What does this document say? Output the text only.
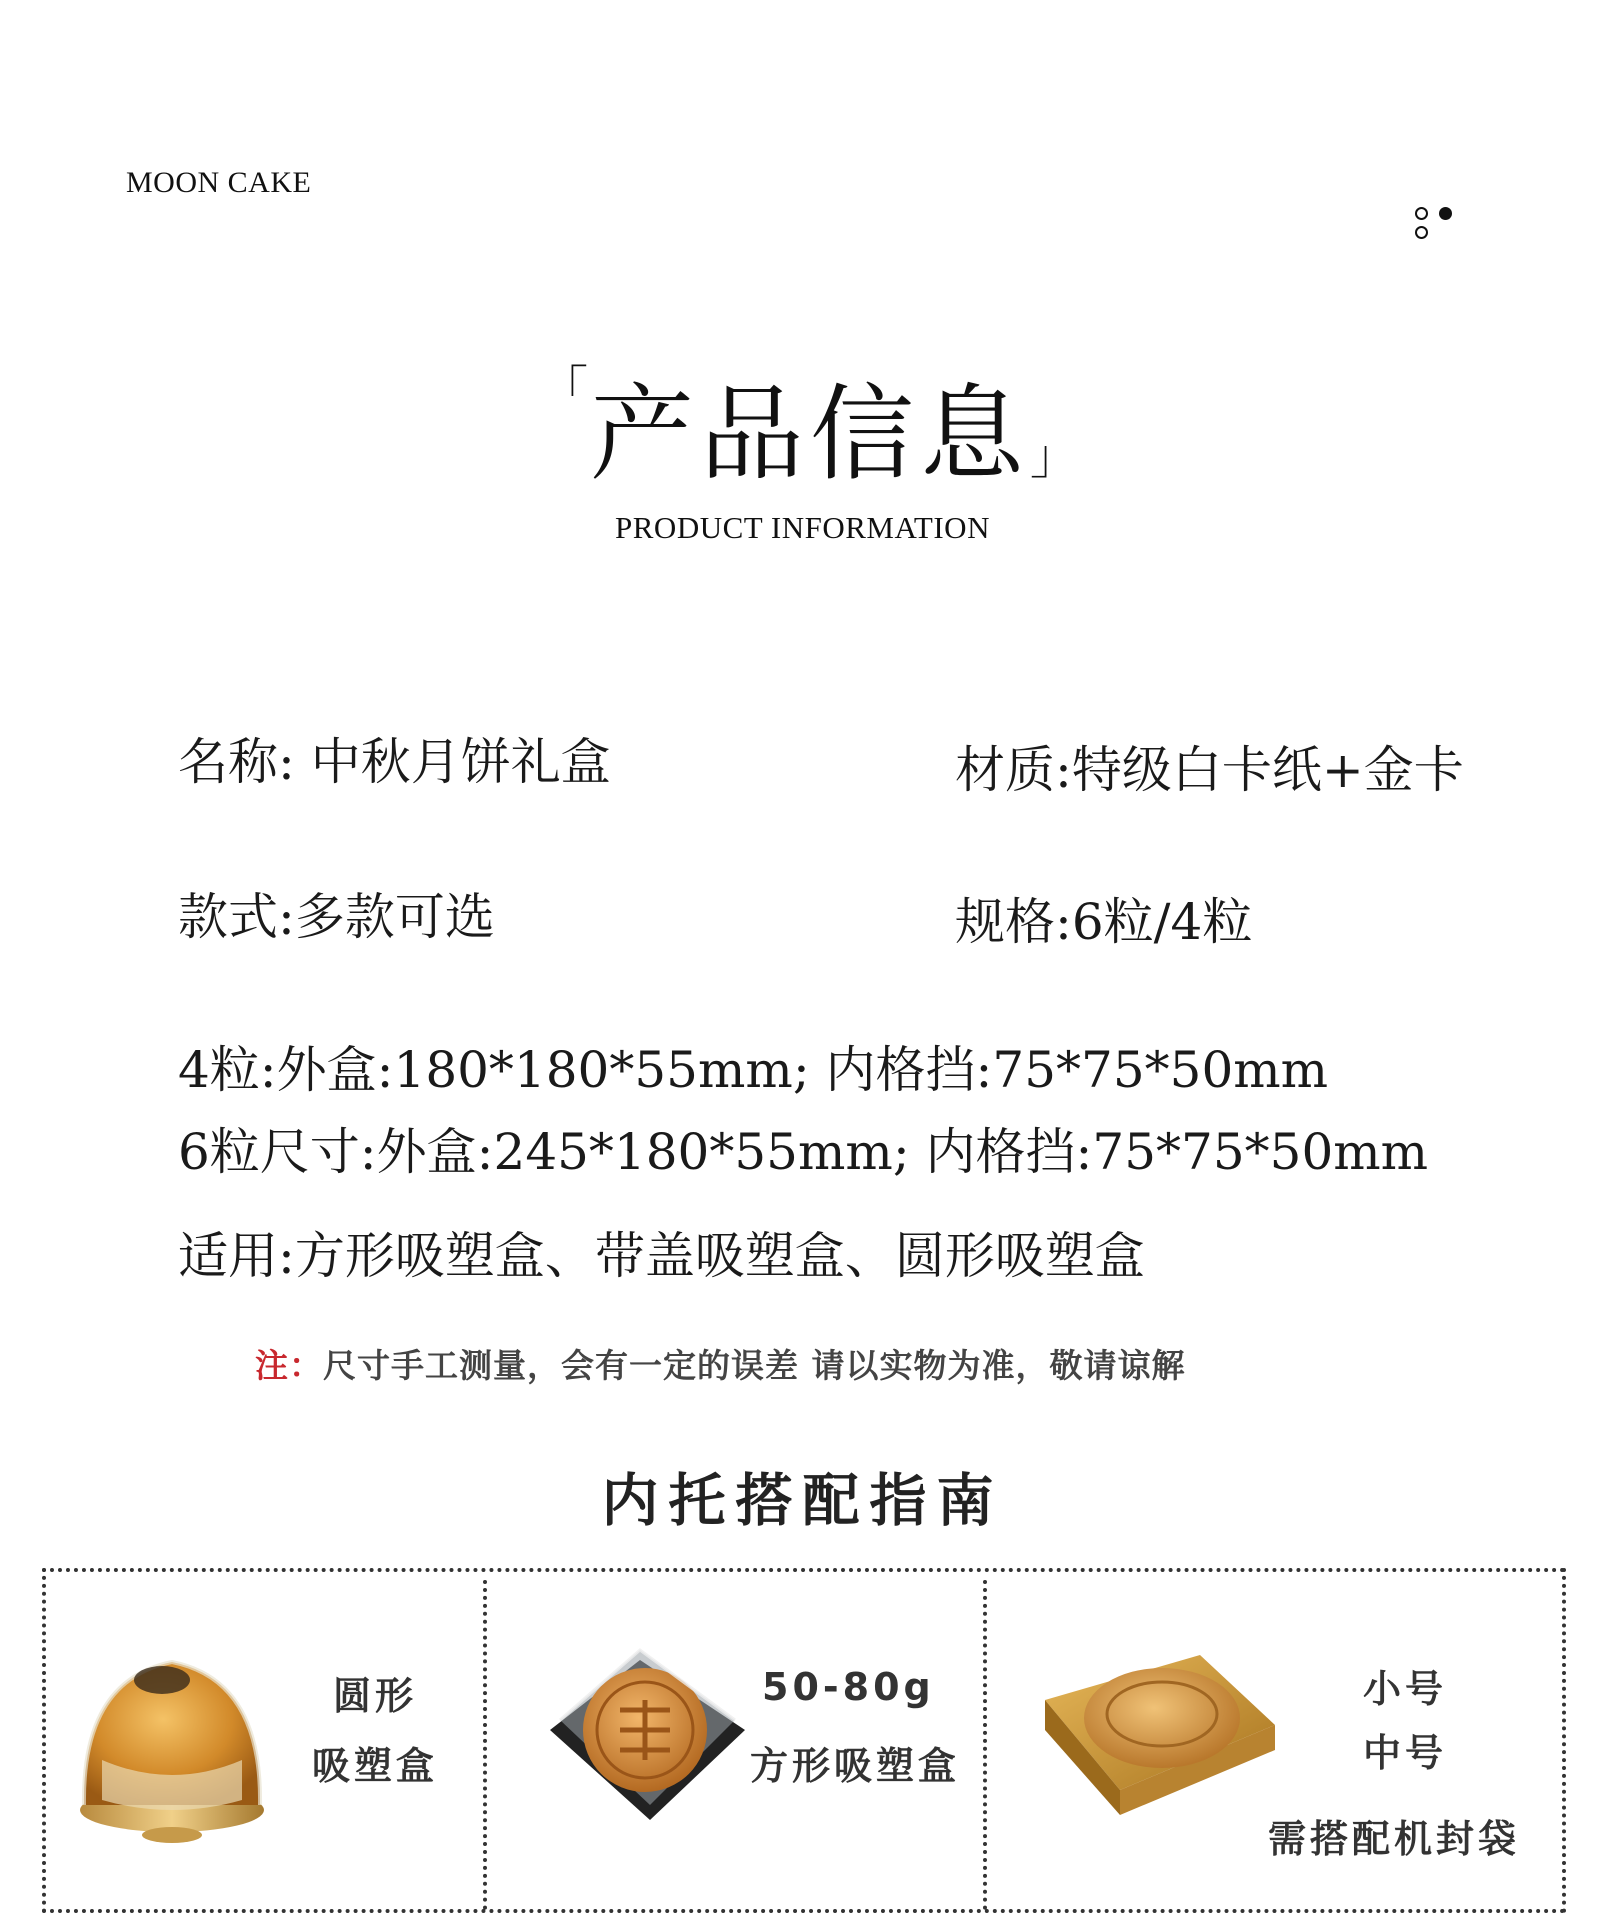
MOON CAKE
「 产品信息 」
PRODUCT INFORMATION
名称: 中秋月饼礼盒	材质:特级白卡纸+金卡
款式:多款可选	规格:6粒/4粒
4粒:外盒:180*180*55mm; 内格挡:75*75*50mm
6粒尺寸:外盒:245*180*55mm; 内格挡:75*75*50mm
适用:方形吸塑盒、带盖吸塑盒、圆形吸塑盒
注：尺寸手工测量，会有一定的误差 请以实物为准，敬请谅解
内托搭配指南
圆形
吸塑盒
50-80g
方形吸塑盒
小号
中号
需搭配机封袋
